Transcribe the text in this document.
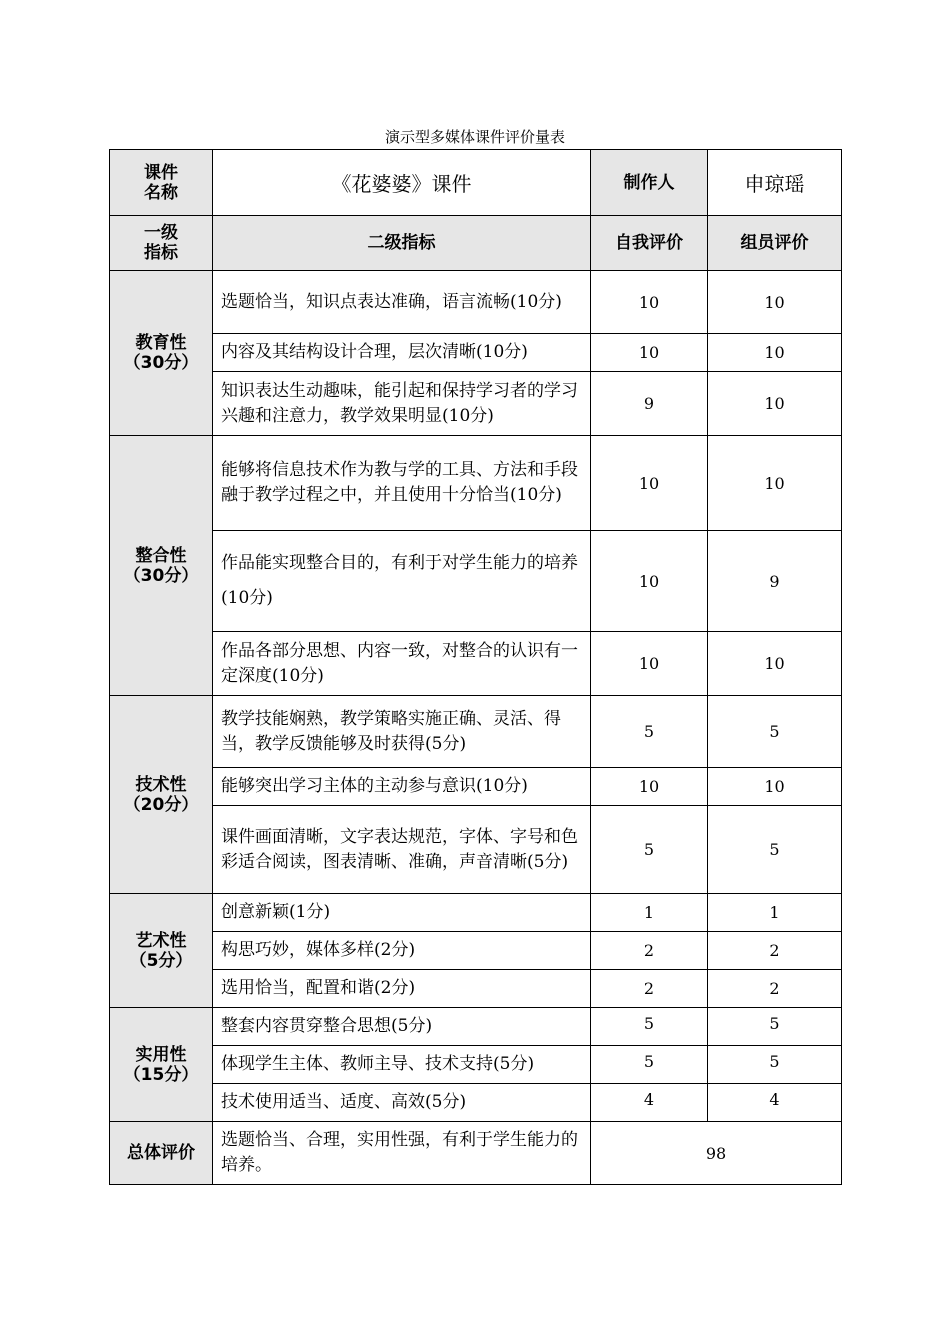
演示型多媒体课件评价量表
课件
名称	《花婆婆》课件	制作人	申琼瑶
一级
指标	二级指标	自我评价	组员评价
教育性
（30分）	选题恰当，知识点表达准确，语言流畅(10分)	10	10
	内容及其结构设计合理，层次清晰(10分)	10	10
	知识表达生动趣味，能引起和保持学习者的学习兴趣和注意力，教学效果明显(10分)	9	10
整合性
（30分）	能够将信息技术作为教与学的工具、方法和手段融于教学过程之中，并且使用十分恰当(10分)	10	10
	作品能实现整合目的，有利于对学生能力的培养
(10分)	10	9
	作品各部分思想、内容一致，对整合的认识有一定深度(10分)	10	10
技术性
（20分）	教学技能娴熟，教学策略实施正确、灵活、得当，教学反馈能够及时获得(5分)	5	5
	能够突出学习主体的主动参与意识(10分)	10	10
	课件画面清晰，文字表达规范，字体、字号和色彩适合阅读，图表清晰、准确，声音清晰(5分)	5	5
艺术性
（5分）	创意新颖(1分)	1	1
	构思巧妙，媒体多样(2分)	2	2
	选用恰当，配置和谐(2分)	2	2
实用性
（15分）	整套内容贯穿整合思想(5分)	5	5
	体现学生主体、教师主导、技术支持(5分)	5	5
	技术使用适当、适度、高效(5分)	4	4
总体评价	选题恰当、合理，实用性强，有利于学生能力的培养。	98	
